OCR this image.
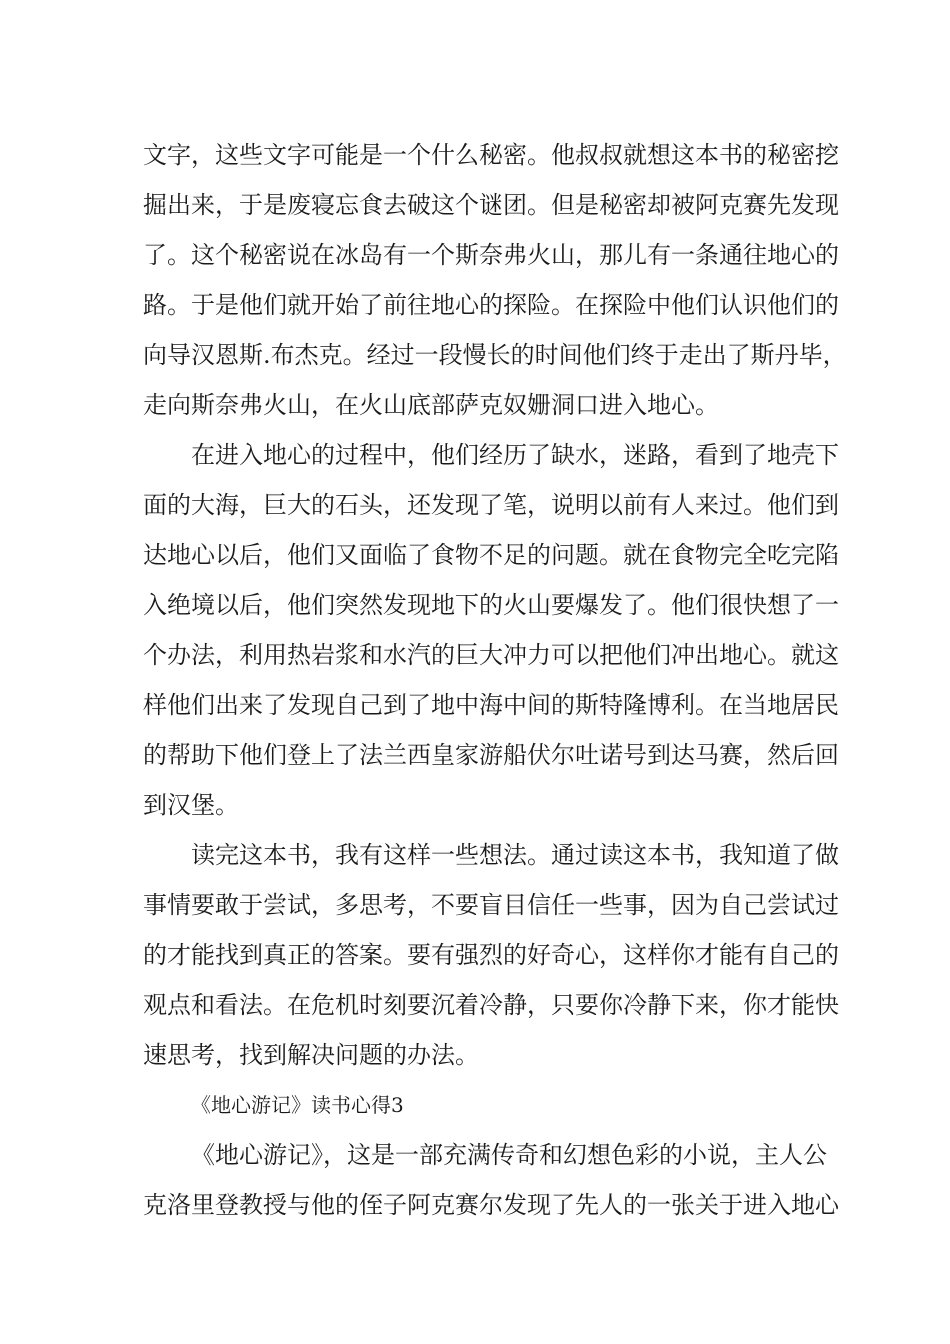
文字，这些文字可能是一个什么秘密。他叔叔就想这本书的秘密挖
掘出来，于是废寝忘食去破这个谜团。但是秘密却被阿克赛先发现
了。这个秘密说在冰岛有一个斯奈弗火山，那儿有一条通往地心的
路。于是他们就开始了前往地心的探险。在探险中他们认识他们的
向导汉恩斯.布杰克。经过一段慢长的时间他们终于走出了斯丹毕，
走向斯奈弗火山，在火山底部萨克奴姗洞口进入地心。
在进入地心的过程中，他们经历了缺水，迷路，看到了地壳下
面的大海，巨大的石头，还发现了笔，说明以前有人来过。他们到
达地心以后，他们又面临了食物不足的问题。就在食物完全吃完陷
入绝境以后，他们突然发现地下的火山要爆发了。他们很快想了一
个办法，利用热岩浆和水汽的巨大冲力可以把他们冲出地心。就这
样他们出来了发现自己到了地中海中间的斯特隆博利。在当地居民
的帮助下他们登上了法兰西皇家游船伏尔吐诺号到达马赛，然后回
到汉堡。
读完这本书，我有这样一些想法。通过读这本书，我知道了做
事情要敢于尝试，多思考，不要盲目信任一些事，因为自己尝试过
的才能找到真正的答案。要有强烈的好奇心，这样你才能有自己的
观点和看法。在危机时刻要沉着冷静，只要你冷静下来，你才能快
速思考，找到解决问题的办法。
《地心游记》读书心得3
《地心游记》，这是一部充满传奇和幻想色彩的小说，主人公
克洛里登教授与他的侄子阿克赛尔发现了先人的一张关于进入地心
